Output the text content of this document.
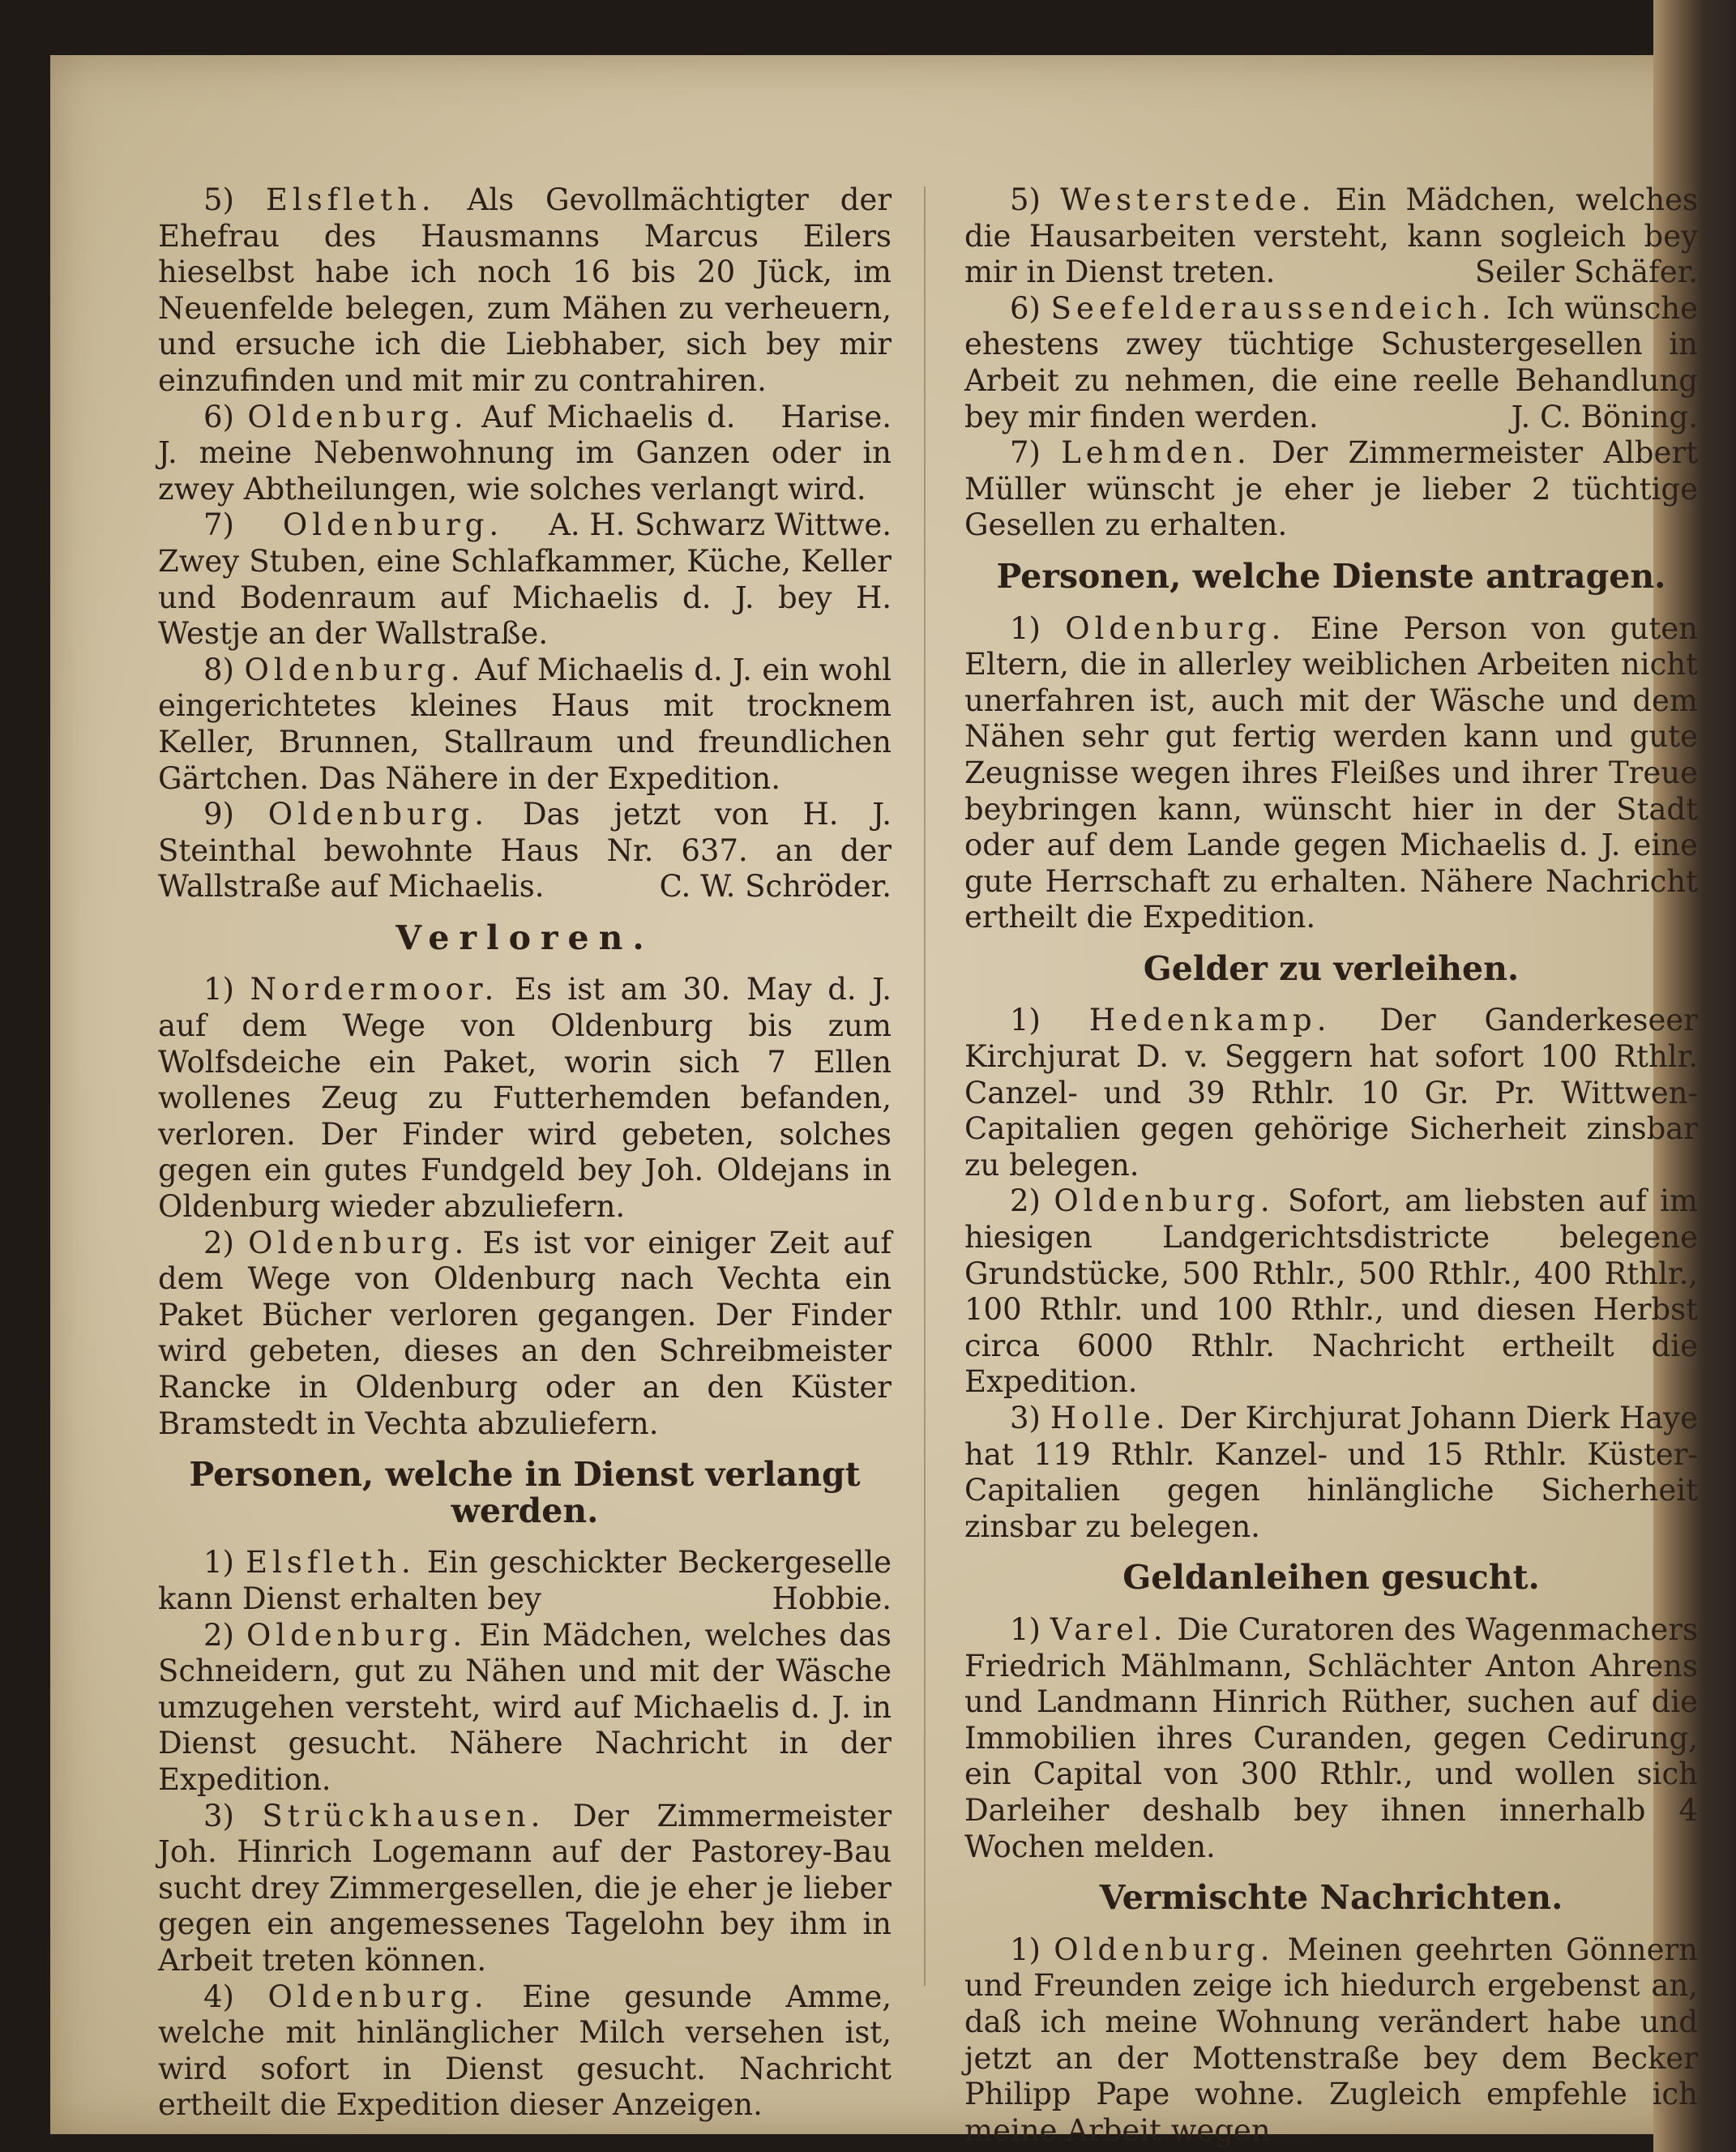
5) Elsfleth. Als Gevollmächtigter der Ehefrau des Hausmanns Marcus Eilers hieselbst habe ich noch 16 bis 20 Jück, im Neuenfelde belegen, zum Mähen zu verheuern, und ersuche ich die Liebhaber, sich bey mir einzufinden und mit mir zu contrahiren.
Harise.

6) Oldenburg. Auf Michaelis d. J. meine Nebenwohnung im Ganzen oder in zwey Abtheilungen, wie solches verlangt wird.
A. H. Schwarz Wittwe.

7) Oldenburg. Zwey Stuben, eine Schlafkammer, Küche, Keller und Bodenraum auf Michaelis d. J. bey H. Westje an der Wallstraße.

8) Oldenburg. Auf Michaelis d. J. ein wohl eingerichtetes kleines Haus mit trocknem Keller, Brunnen, Stallraum und freundlichen Gärtchen. Das Nähere in der Expedition.

9) Oldenburg. Das jetzt von H. J. Steinthal bewohnte Haus Nr. 637. an der Wallstraße auf Michaelis.	C. W. Schröder.

Verloren.

1) Nordermoor. Es ist am 30. May d. J. auf dem Wege von Oldenburg bis zum Wolfsdeiche ein Paket, worin sich 7 Ellen wollenes Zeug zu Futterhemden befanden, verloren. Der Finder wird gebeten, solches gegen ein gutes Fundgeld bey Joh. Oldejans in Oldenburg wieder abzuliefern.

2) Oldenburg. Es ist vor einiger Zeit auf dem Wege von Oldenburg nach Vechta ein Paket Bücher verloren gegangen. Der Finder wird gebeten, dieses an den Schreibmeister Rancke in Oldenburg oder an den Küster Bramstedt in Vechta abzuliefern.

Personen, welche in Dienst verlangt werden.

1) Elsfleth. Ein geschickter Beckergeselle kann Dienst erhalten bey	Hobbie.

2) Oldenburg. Ein Mädchen, welches das Schneidern, gut zu Nähen und mit der Wäsche umzugehen versteht, wird auf Michaelis d. J. in Dienst gesucht. Nähere Nachricht in der Expedition.

3) Strückhausen. Der Zimmermeister Joh. Hinrich Logemann auf der Pastorey-Bau sucht drey Zimmergesellen, die je eher je lieber gegen ein angemessenes Tagelohn bey ihm in Arbeit treten können.

4) Oldenburg. Eine gesunde Amme, welche mit hinlänglicher Milch versehen ist, wird sofort in Dienst gesucht. Nachricht ertheilt die Expedition dieser Anzeigen.

5) Westerstede. Ein Mädchen, welches die Hausarbeiten versteht, kann sogleich bey mir in Dienst treten.	Seiler Schäfer.

6) Seefelderaussendeich. Ich wünsche ehestens zwey tüchtige Schustergesellen in Arbeit zu nehmen, die eine reelle Behandlung bey mir finden werden.	J. C. Böning.

7) Lehmden. Der Zimmermeister Albert Müller wünscht je eher je lieber 2 tüchtige Gesellen zu erhalten.

Personen, welche Dienste antragen.

1) Oldenburg. Eine Person von guten Eltern, die in allerley weiblichen Arbeiten nicht unerfahren ist, auch mit der Wäsche und dem Nähen sehr gut fertig werden kann und gute Zeugnisse wegen ihres Fleißes und ihrer Treue beybringen kann, wünscht hier in der Stadt oder auf dem Lande gegen Michaelis d. J. eine gute Herrschaft zu erhalten. Nähere Nachricht ertheilt die Expedition.

Gelder zu verleihen.

1) Hedenkamp. Der Ganderkeseer Kirchjurat D. v. Seggern hat sofort 100 Rthlr. Canzel- und 39 Rthlr. 10 Gr. Pr. Wittwen-Capitalien gegen gehörige Sicherheit zinsbar zu belegen.

2) Oldenburg. Sofort, am liebsten auf im hiesigen Landgerichtsdistricte belegene Grundstücke, 500 Rthlr., 500 Rthlr., 400 Rthlr., 100 Rthlr. und 100 Rthlr., und diesen Herbst circa 6000 Rthlr. Nachricht ertheilt die Expedition.

3) Holle. Der Kirchjurat Johann Dierk Haye hat 119 Rthlr. Kanzel- und 15 Rthlr. Küster-Capitalien gegen hinlängliche Sicherheit zinsbar zu belegen.

Geldanleihen gesucht.

1) Varel. Die Curatoren des Wagenmachers Friedrich Mählmann, Schlächter Anton Ahrens und Landmann Hinrich Rüther, suchen auf die Immobilien ihres Curanden, gegen Cedirung, ein Capital von 300 Rthlr., und wollen sich Darleiher deshalb bey ihnen innerhalb 4 Wochen melden.

Vermischte Nachrichten.

1) Oldenburg. Meinen geehrten Gönnern und Freunden zeige ich hiedurch ergebenst an, daß ich meine Wohnung verändert habe und jetzt an der Mottenstraße bey dem Becker Philipp Pape wohne. Zugleich empfehle ich meine Arbeit wegen
